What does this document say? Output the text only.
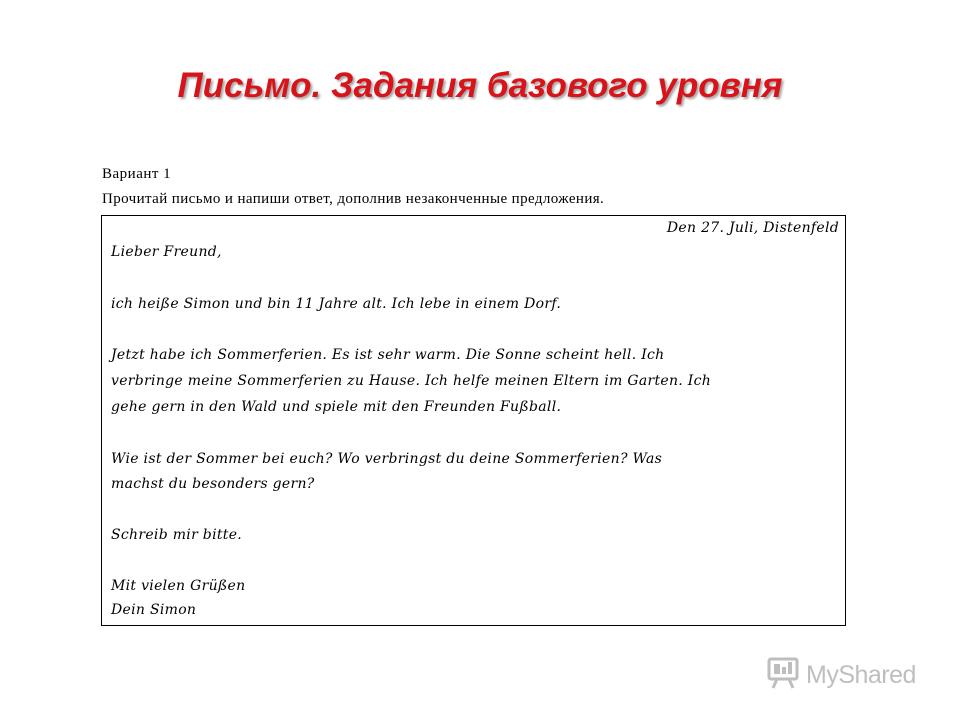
Письмо. Задания базового уровня
Вариант 1
Прочитай письмо и напиши ответ, дополнив незаконченные предложения.
Den 27. Juli, Distenfeld
Lieber Freund,
ich heiße Simon und bin 11 Jahre alt. Ich lebe in einem Dorf.
Jetzt habe ich Sommerferien. Es ist sehr warm. Die Sonne scheint hell. Ich
verbringe meine Sommerferien zu Hause. Ich helfe meinen Eltern im Garten. Ich
gehe gern in den Wald und spiele mit den Freunden Fußball.
Wie ist der Sommer bei euch? Wo verbringst du deine Sommerferien? Was
machst du besonders gern?
Schreib mir bitte.
Mit vielen Grüßen
Dein Simon
MyShared
